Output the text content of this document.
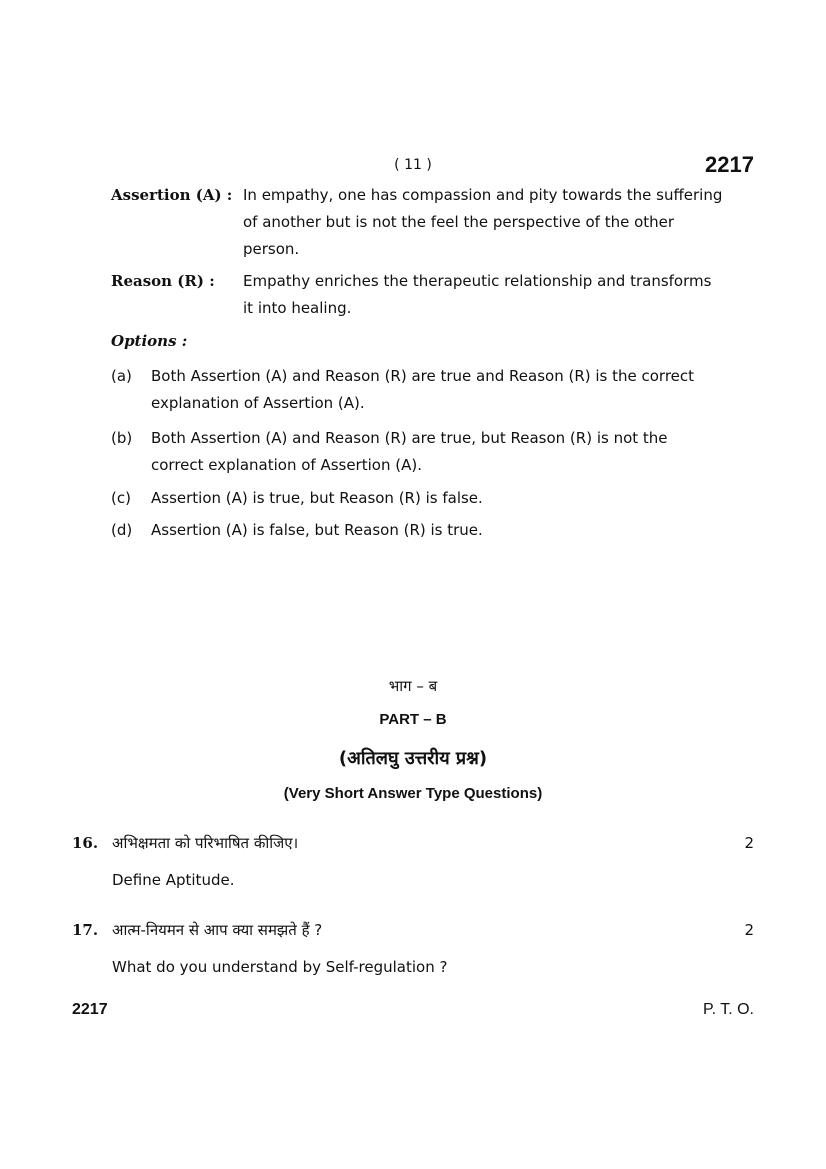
( 11 )	2217
Assertion (A) : In empathy, one has compassion and pity towards the suffering
of another but is not the feel the perspective of the other
person.
Reason (R) : Empathy enriches the therapeutic relationship and transforms
it into healing.
Options :
(a) Both Assertion (A) and Reason (R) are true and Reason (R) is the correct
explanation of Assertion (A).
(b) Both Assertion (A) and Reason (R) are true, but Reason (R) is not the
correct explanation of Assertion (A).
(c) Assertion (A) is true, but Reason (R) is false.
(d) Assertion (A) is false, but Reason (R) is true.
भाग – ब
PART – B
(अतिलघु उत्तरीय प्रश्न)
(Very Short Answer Type Questions)
16. अभिक्षमता को परिभाषित कीजिए।	2
Define Aptitude.
17. आत्म-नियमन से आप क्या समझते हैं ?	2
What do you understand by Self-regulation ?
2217	P. T. O.
